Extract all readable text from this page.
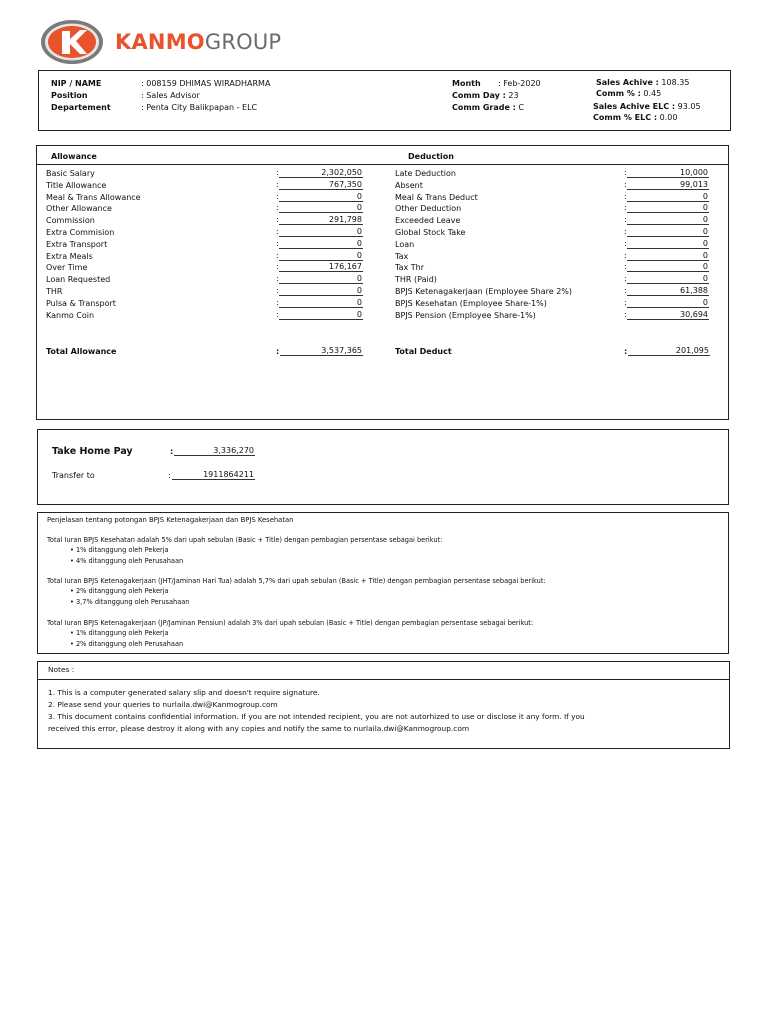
KANMOGROUP
NIP / NAME	: 008159 DHIMAS WIRADHARMA
Position	: Sales Advisor
Departement	: Penta City Balikpapan - ELC
Month : Feb-2020
Comm Day : 23
Comm Grade : C
Sales Achive : 108.35
Comm % : 0.45
Sales Achive ELC : 93.05
Comm % ELC : 0.00
Allowance	Deduction
Basic Salary	:	2,302,050
Title Allowance	:	767,350
Meal & Trans Allowance	:	0
Other Allowance	:	0
Commission	:	291,798
Extra Commision	:	0
Extra Transport	:	0
Extra Meals	:	0
Over Time	:	176,167
Loan Requested	:	0
THR	:	0
Pulsa & Transport	:	0
Kanmo Coin	:	0
Late Deduction	:	10,000
Absent	:	99,013
Meal & Trans Deduct	:	0
Other Deduction	:	0
Exceeded Leave	:	0
Global Stock Take	:	0
Loan	:	0
Tax	:	0
Tax Thr	:	0
THR (Paid)	:	0
BPJS Ketenagakerjaan (Employee Share 2%)	:	61,388
BPJS Kesehatan (Employee Share-1%)	:	0
BPJS Pension (Employee Share-1%)	:	30,694
Total Allowance	:	3,537,365	Total Deduct	:	201,095
Take Home Pay	:	3,336,270
Transfer to	:	1911864211
Penjelasan tentang potongan BPJS Ketenagakerjaan dan BPJS Kesehatan
Total Iuran BPJS Kesehatan adalah 5% dari upah sebulan (Basic + Title) dengan pembagian persentase sebagai berikut:
• 1% ditanggung oleh Pekerja
• 4% ditanggung oleh Perusahaan
Total Iuran BPJS Ketenagakerjaan (JHT/Jaminan Hari Tua) adalah 5,7% dari upah sebulan (Basic + Title) dengan pembagian persentase sebagai berikut:
• 2% ditanggung oleh Pekerja
• 3,7% ditanggung oleh Perusahaan
Total Iuran BPJS Ketenagakerjaan (JP/Jaminan Pensiun) adalah 3% dari upah sebulan (Basic + Title) dengan pembagian persentase sebagai berikut:
• 1% ditanggung oleh Pekerja
• 2% ditanggung oleh Perusahaan
Notes :
1. This is a computer generated salary slip and doesn't require signature.
2. Please send your queries to nurlaila.dwi@Kanmogroup.com
3. This document contains confidential information. If you are not intended recipient, you are not autorhized to use or disclose it any form. If you
received this error, please destroy it along with any copies and notify the same to nurlaila.dwi@Kanmogroup.com
